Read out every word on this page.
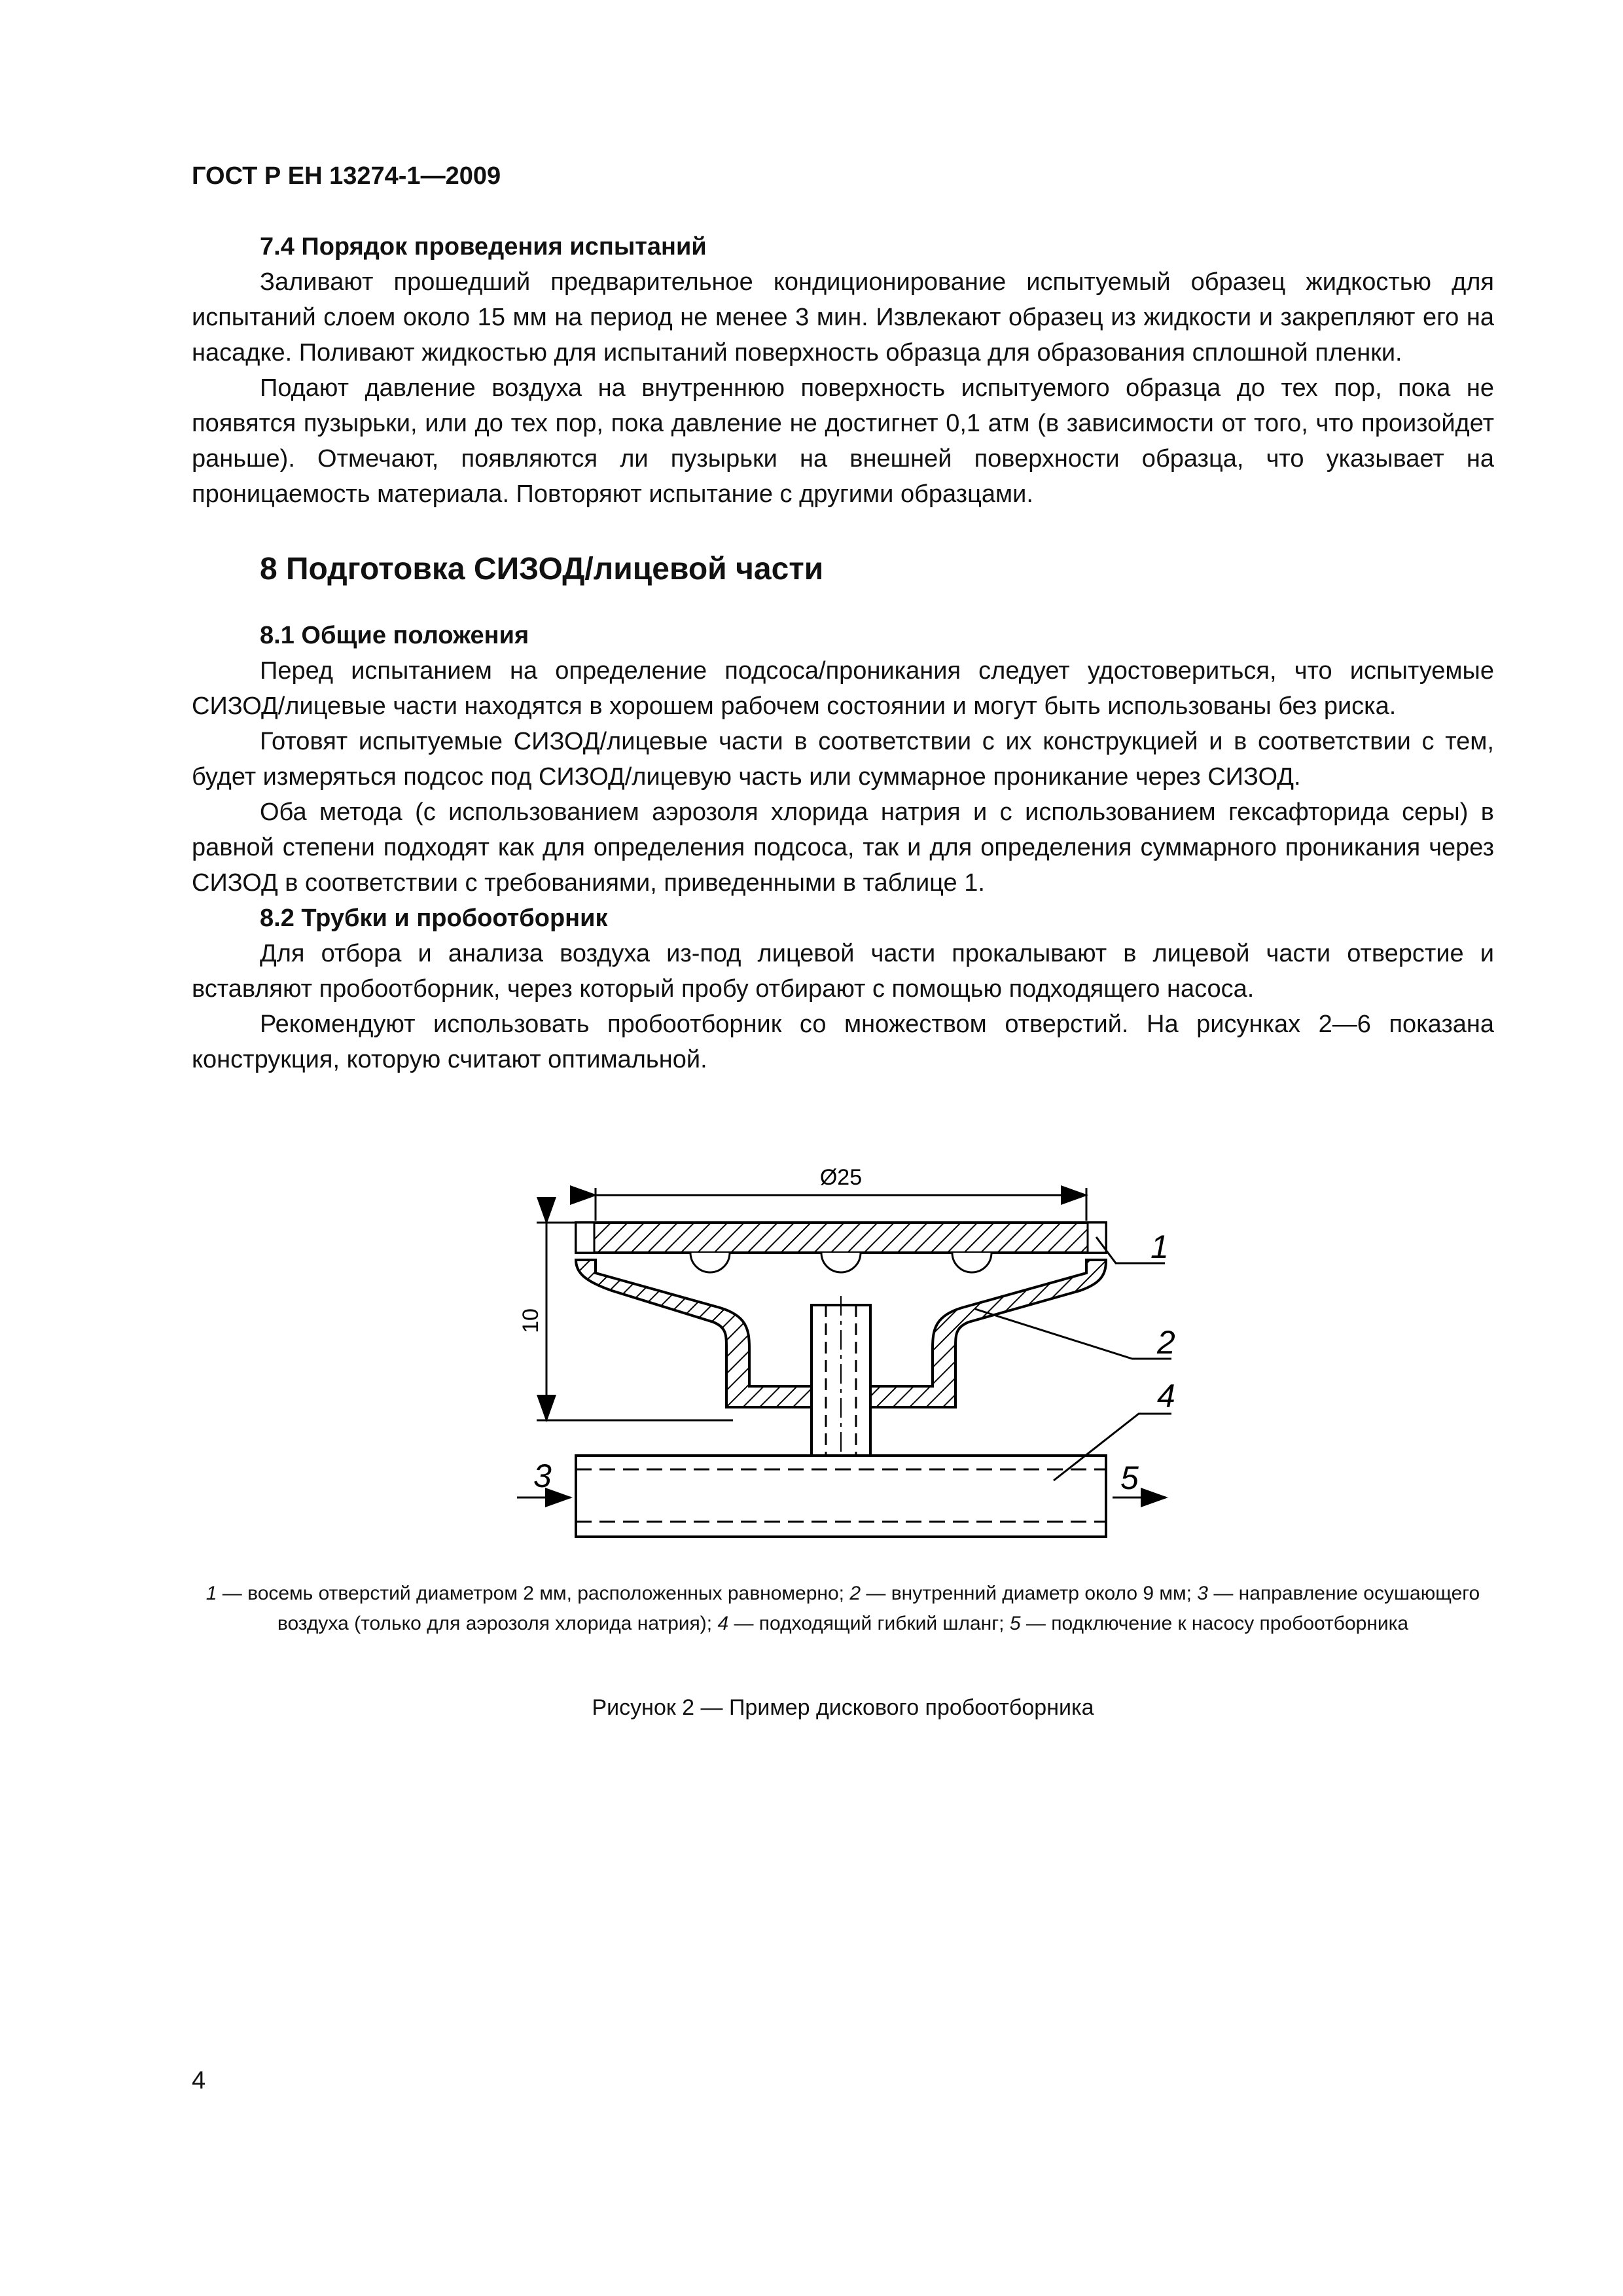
ГОСТ Р ЕН 13274-1—2009
7.4 Порядок проведения испытаний

Заливают прошедший предварительное кондиционирование испытуемый образец жидкостью для испытаний слоем около 15 мм на период не менее 3 мин. Извлекают образец из жидкости и закрепляют его на насадке. Поливают жидкостью для испытаний поверхность образца для образования сплошной пленки.

Подают давление воздуха на внутреннюю поверхность испытуемого образца до тех пор, пока не появятся пузырьки, или до тех пор, пока давление не достигнет 0,1 атм (в зависимости от того, что произойдет раньше). Отмечают, появляются ли пузырьки на внешней поверхности образца, что указывает на проницаемость материала. Повторяют испытание с другими образцами.

8 Подготовка СИЗОД/лицевой части
8.1 Общие положения

Перед испытанием на определение подсоса/проникания следует удостовериться, что испытуемые СИЗОД/лицевые части находятся в хорошем рабочем состоянии и могут быть использованы без риска.

Готовят испытуемые СИЗОД/лицевые части в соответствии с их конструкцией и в соответствии с тем, будет измеряться подсос под СИЗОД/лицевую часть или суммарное проникание через СИЗОД.

Оба метода (с использованием аэрозоля хлорида натрия и с использованием гексафторида серы) в равной степени подходят как для определения подсоса, так и для определения суммарного проникания через СИЗОД в соответствии с требованиями, приведенными в таблице 1.

8.2 Трубки и пробоотборник

Для отбора и анализа воздуха из-под лицевой части прокалывают в лицевой части отверстие и вставляют пробоотборник, через который пробу отбирают с помощью подходящего насоса.

Рекомендуют использовать пробоотборник со множеством отверстий. На рисунках 2—6 показана конструкция, которую считают оптимальной.

Ø25
10
1
2
3
4
5
1 — восемь отверстий диаметром 2 мм, расположенных равномерно; 2 — внутренний диаметр около 9 мм; 3 — направление осушающего воздуха (только для аэрозоля хлорида натрия); 4 — подходящий гибкий шланг; 5 — подключение к насосу пробоотборника
Рисунок 2 — Пример дискового пробоотборника
4
